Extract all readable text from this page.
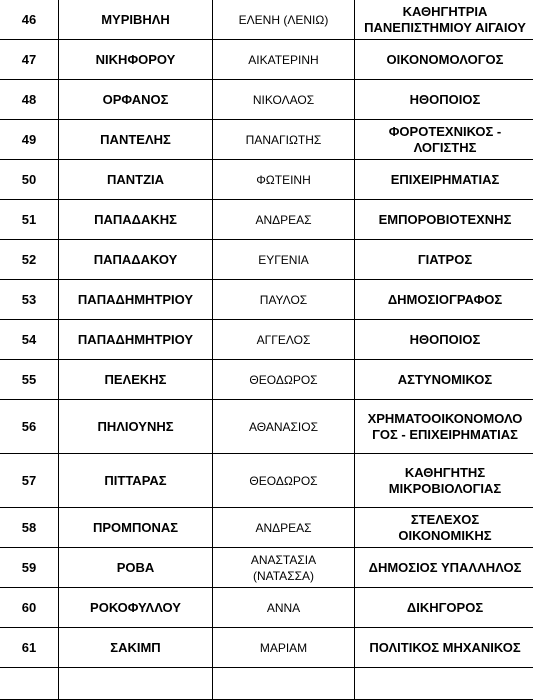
46	ΜΥΡΙΒΗΛΗ	ΕΛΕΝΗ (ΛΕΝΙΩ)	ΚΑΘΗΓΗΤΡΙΑ
ΠΑΝΕΠΙΣΤΗΜΙΟΥ ΑΙΓΑΙΟΥ

47	ΝΙΚΗΦΟΡΟΥ	ΑΙΚΑΤΕΡΙΝΗ	ΟΙΚΟΝΟΜΟΛΟΓΟΣ

48	ΟΡΦΑΝΟΣ	ΝΙΚΟΛΑΟΣ	ΗΘΟΠΟΙΟΣ

49	ΠΑΝΤΕΛΗΣ	ΠΑΝΑΓΙΩΤΗΣ	ΦΟΡΟΤΕΧΝΙΚΟΣ -
ΛΟΓΙΣΤΗΣ

50	ΠΑΝΤΖΙΑ	ΦΩΤΕΙΝΗ	ΕΠΙΧΕΙΡΗΜΑΤΙΑΣ

51	ΠΑΠΑΔΑΚΗΣ	ΑΝΔΡΕΑΣ	ΕΜΠΟΡΟΒΙΟΤΕΧΝΗΣ

52	ΠΑΠΑΔΑΚΟΥ	ΕΥΓΕΝΙΑ	ΓΙΑΤΡΟΣ

53	ΠΑΠΑΔΗΜΗΤΡΙΟΥ	ΠΑΥΛΟΣ	ΔΗΜΟΣΙΟΓΡΑΦΟΣ

54	ΠΑΠΑΔΗΜΗΤΡΙΟΥ	ΑΓΓΕΛΟΣ	ΗΘΟΠΟΙΟΣ

55	ΠΕΛΕΚΗΣ	ΘΕΟΔΩΡΟΣ	ΑΣΤΥΝΟΜΙΚΟΣ

56	ΠΗΛΙΟΥΝΗΣ	ΑΘΑΝΑΣΙΟΣ	ΧΡΗΜΑΤΟΟΙΚΟΝΟΜΟΛΟ
ΓΟΣ - ΕΠΙΧΕΙΡΗΜΑΤΙΑΣ

57	ΠΙΤΤΑΡΑΣ	ΘΕΟΔΩΡΟΣ	ΚΑΘΗΓΗΤΗΣ
ΜΙΚΡΟΒΙΟΛΟΓΙΑΣ

58	ΠΡΟΜΠΟΝΑΣ	ΑΝΔΡΕΑΣ	ΣΤΕΛΕΧΟΣ
ΟΙΚΟΝΟΜΙΚΗΣ

59	ΡΟΒΑ	ΑΝΑΣΤΑΣΙΑ
(ΝΑΤΑΣΣΑ)	ΔΗΜΟΣΙΟΣ ΥΠΑΛΛΗΛΟΣ

60	ΡΟΚΟΦΥΛΛΟΥ	ΑΝΝΑ	ΔΙΚΗΓΟΡΟΣ

61	ΣΑΚΙΜΠ	ΜΑΡΙΑΜ	ΠΟΛΙΤΙΚΟΣ ΜΗΧΑΝΙΚΟΣ
